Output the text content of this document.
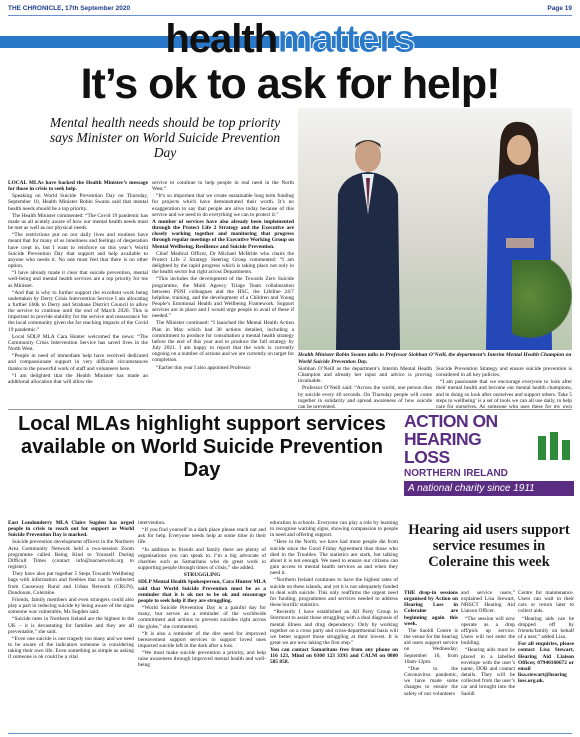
THE CHRONICLE, 17th September 2020	Page 19
healthmatters
It’s ok to ask for help!
Mental health needs should be top priority says Minister on World Suicide Prevention Day
Health Minister Robin Swann talks to Professor Siobhan O’Neill, the department’s Interim Mental Health Champion on World Suicide Prevention Day.

LOCAL MLAs have backed the Health Minister’s message for those in crisis to seek help.

Speaking on World Suicide Prevention Day on Thursday, September 10, Health Minister Robin Swann said that mental health needs should be a top priority.

The Health Minister commented: “The Covid 19 pandemic has made us all acutely aware of how our mental health needs must be met as well as our physical needs.

“The restrictions put on our daily lives and routines have meant that for many of us loneliness and feelings of desperation have crept in, but I want to reinforce on this year’s World Suicide Prevention Day that support and help available to anyone who needs it. No one must feel that there is no other option.

“I have already made it clear that suicide prevention, mental well-being and mental health services are a top priority for me as Minister.

“And that is why to further support the excellent work being undertaken by Derry Crisis Intervention Service I am allocating a further £60k to Derry and Strabane District Council to allow the service to continue until the end of March 2020. This is important to provide stability for the service and reassurance for the local community given the far reaching impacts of the Covid 19 pandemic.”

Local SDLP MLA Cara Hunter welcomed the news: “The Community Crisis Intervention Service has saved lives in the North West.

“People in need of immediate help have received dedicated and compassionate support in very difficult circumstances thanks to the powerful work of staff and volunteers here.

“I am delighted that the Health Minister has made an additional allocation that will allow the

service to continue to help people in real need in the North West.”

“It’s so important that we create sustainable long term funding for projects which have demonstrated their worth. It’s no exaggeration to say that people are alive today because of this service and we need to do everything we can to protect it.”

A number of services have also already been implemented through the Protect Life 2 Strategy and the Executive are closely working together and monitoring that progress through regular meetings of the Executive Working Group on Mental Wellbeing, Resilience and Suicide Prevention.

Chief Medical Officer, Dr Michael McBride who chairs the Protect Life 2 Strategy Steering Group commented: “I am delighted by the rapid progress which is taking place not only in the health sector but right across Departments.

“This includes the development of the Towards Zero Suicide programme, the Multi Agency Triage Team collaboration between PSNI colleagues and the HSC, the Lifeline 24/7 helpline, training, and the development of a Children and Young People’s Emotional Health and Wellbeing Framework. Support services are in place and I would urge people to avail of these if needed.”

The Minister continued: “I launched the Mental Health Action Plan in May which had 38 actions detailed, including a commitment to produce for consultation a mental health strategy before the end of this year and to produce the full strategy by July 2021. I am happy to report that the work is currently ongoing on a number of actions and we are currently on target for completion.

“Earlier this year I also appointed Professor	Siobhan O’Neill as the department’s Interim Mental Health Champion and already her input and advice is proving invaluable.

Professor O’Neill said: “Across the world, one person dies by suicide every 40 seconds. On Thursday people will come together in solidarity and spread awareness of how suicide can be prevented.

Suicide Prevention Strategy and ensure suicide prevention is considered in all key policies.

“I am passionate that we encourage everyone to look after their mental health and become our mental health champions, and in doing so look after ourselves and support others. Take 5 steps to wellbeing’ is a set of tools we can all use daily, to help care for ourselves. As someone who uses these for my own

Local MLAs highlight support services available on World Suicide Prevention Day

East Londonderry MLA Claire Sugden has urged people in crisis to reach out for support as World Suicide Prevention Day is marked.

Suicide prevention development officers in the Northern Area Community Network held a two-session Zoom programme called Being Kind to Yourself During Difficult Times (contact info@nacnetwork.org to register).

They have also put together 5 Steps Towards Wellbeing bags with information and freebies that can be collected from Causeway Rural and Urban Network (CRUN), Dundooan, Coleraine.

Friends, family members and even strangers could also play a part in reducing suicide by being aware of the signs someone was vulnerable, Ms Sugden said.

“Suicide rates in Northern Ireland are the highest in the UK – it is devastating for families and they are all preventable,” she said.

“Even one suicide is one tragedy too many and we need to be aware of the indicators someone is considering taking their own life. Even something as simple as asking if someone is ok could be a vital

intervention.

“If you find yourself in a dark place please reach out and ask for help. Everyone needs help at some time in their life.

“In addition to friends and family there are plenty of organisations you can speak to. I’m a big advocate of charities such as Samaritans who do great work in supporting people through times of crisis,” she added.

STRUGGLING

SDLP Mental Health Spokesperson, Cara Hunter MLA said that World Suicide Prevention must be as a reminder that it is ok not to be ok and encourage people to seek help if they are struggling.

“World Suicide Prevention Day is a painful day for many, but serves as a reminder of the worldwide commitment and actions to prevent suicides right across the globe,” she commented.

“It is also a reminder of the dire need for improved bereavement support services to support loved ones impacted suicide left in the dark after a loss.

“We must make suicide prevention a priority, and help raise awareness through improved mental health and well-being

education in schools. Everyone can play a role by learning to recognise warning signs, showing compassion to people in need and offering support.

“Here in the North, we have had more people die from suicide since the Good Friday Agreement than those who died in the Troubles. The statistics are stark, but talking about it is not enough. We need to ensure our citizens can gain access to mental health services as and when they need it.

“Northern Ireland continues to have the highest rates of suicide on these islands, and yet it is not adequately funded to deal with suicide. This only reaffirms the urgent need for funding, programmes and services needed to address these horrific statistics.

“Recently I have established an All Party Group in Stormont to assist those struggling with a dual diagnosis of mental illness and drug dependency. Only by working together on a cross party and cross-departmental basis will we better support those struggling at their lowest. It is great we are now taking the first step.”

You can contact Samaritans free from any phone on 116 123, Mind on 0300 123 3393 and CALM on 0800 585 858.

ACTION ON
HEARING
LOSS
NORTHERN IRELAND
A national charity since 1911
Hearing aid users support service resumes in Coleraine this week

THE drop-in sessions organised by Action on Hearing Loss in Coleraine are beginning again this week.

The Saoldi Centre is the venue for the hearing aid users support service on Wednesday, September 16, from 10am-12pm.

“Due to the Coronavirus pandemic, we have made some changes to ensure the safety of our volunteers

and service users,” explained Lisa Stewart, NHSCT Hearing Aid Liaison Officer.

“The session will now operate as a drop off/pick up service. Users will not enter the building.

“Hearing aids must be placed in a labelled envelope with the user’s name, DOB and contact details. They will be collected from the user’s car and brought into the Saoldi

Centre for maintenance. Users can wait in their cars or return later to collect aids.

“Hearing aids can be dropped off by friends/family on behalf of a user,” added Lisa.

For all enquiries, please contact Lisa Stewart, Hearing Aid Liaison Officer, 07940160672 or email lisa.stewart@hearing loss.org.uk.
